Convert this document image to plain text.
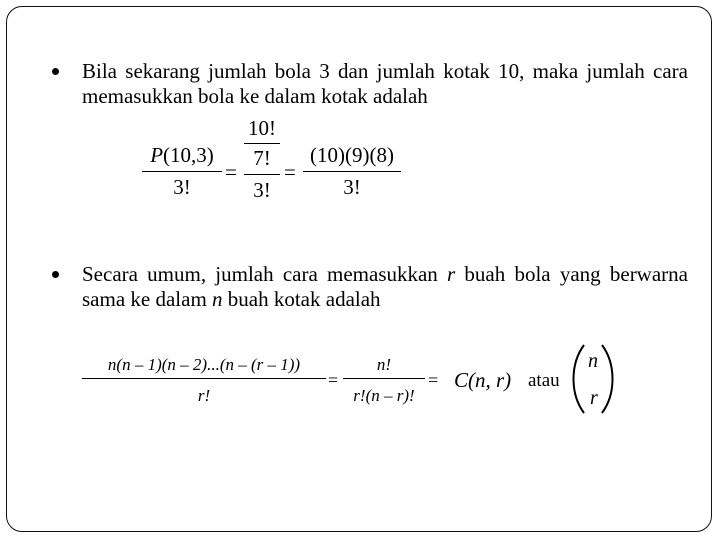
Bila sekarang jumlah bola 3 dan jumlah kotak 10, maka jumlah cara memasukkan bola ke dalam kotak adalah
P(10,3)
3!
=
10!
7!
3!
=
(10)(9)(8)
3!
Secara umum, jumlah cara memasukkan r buah bola yang berwarna sama ke dalam n buah kotak adalah
n(n – 1)(n – 2)...(n – (r – 1))
r!
=
n!
r!(n – r)!
= C(n, r) atau
n
r
